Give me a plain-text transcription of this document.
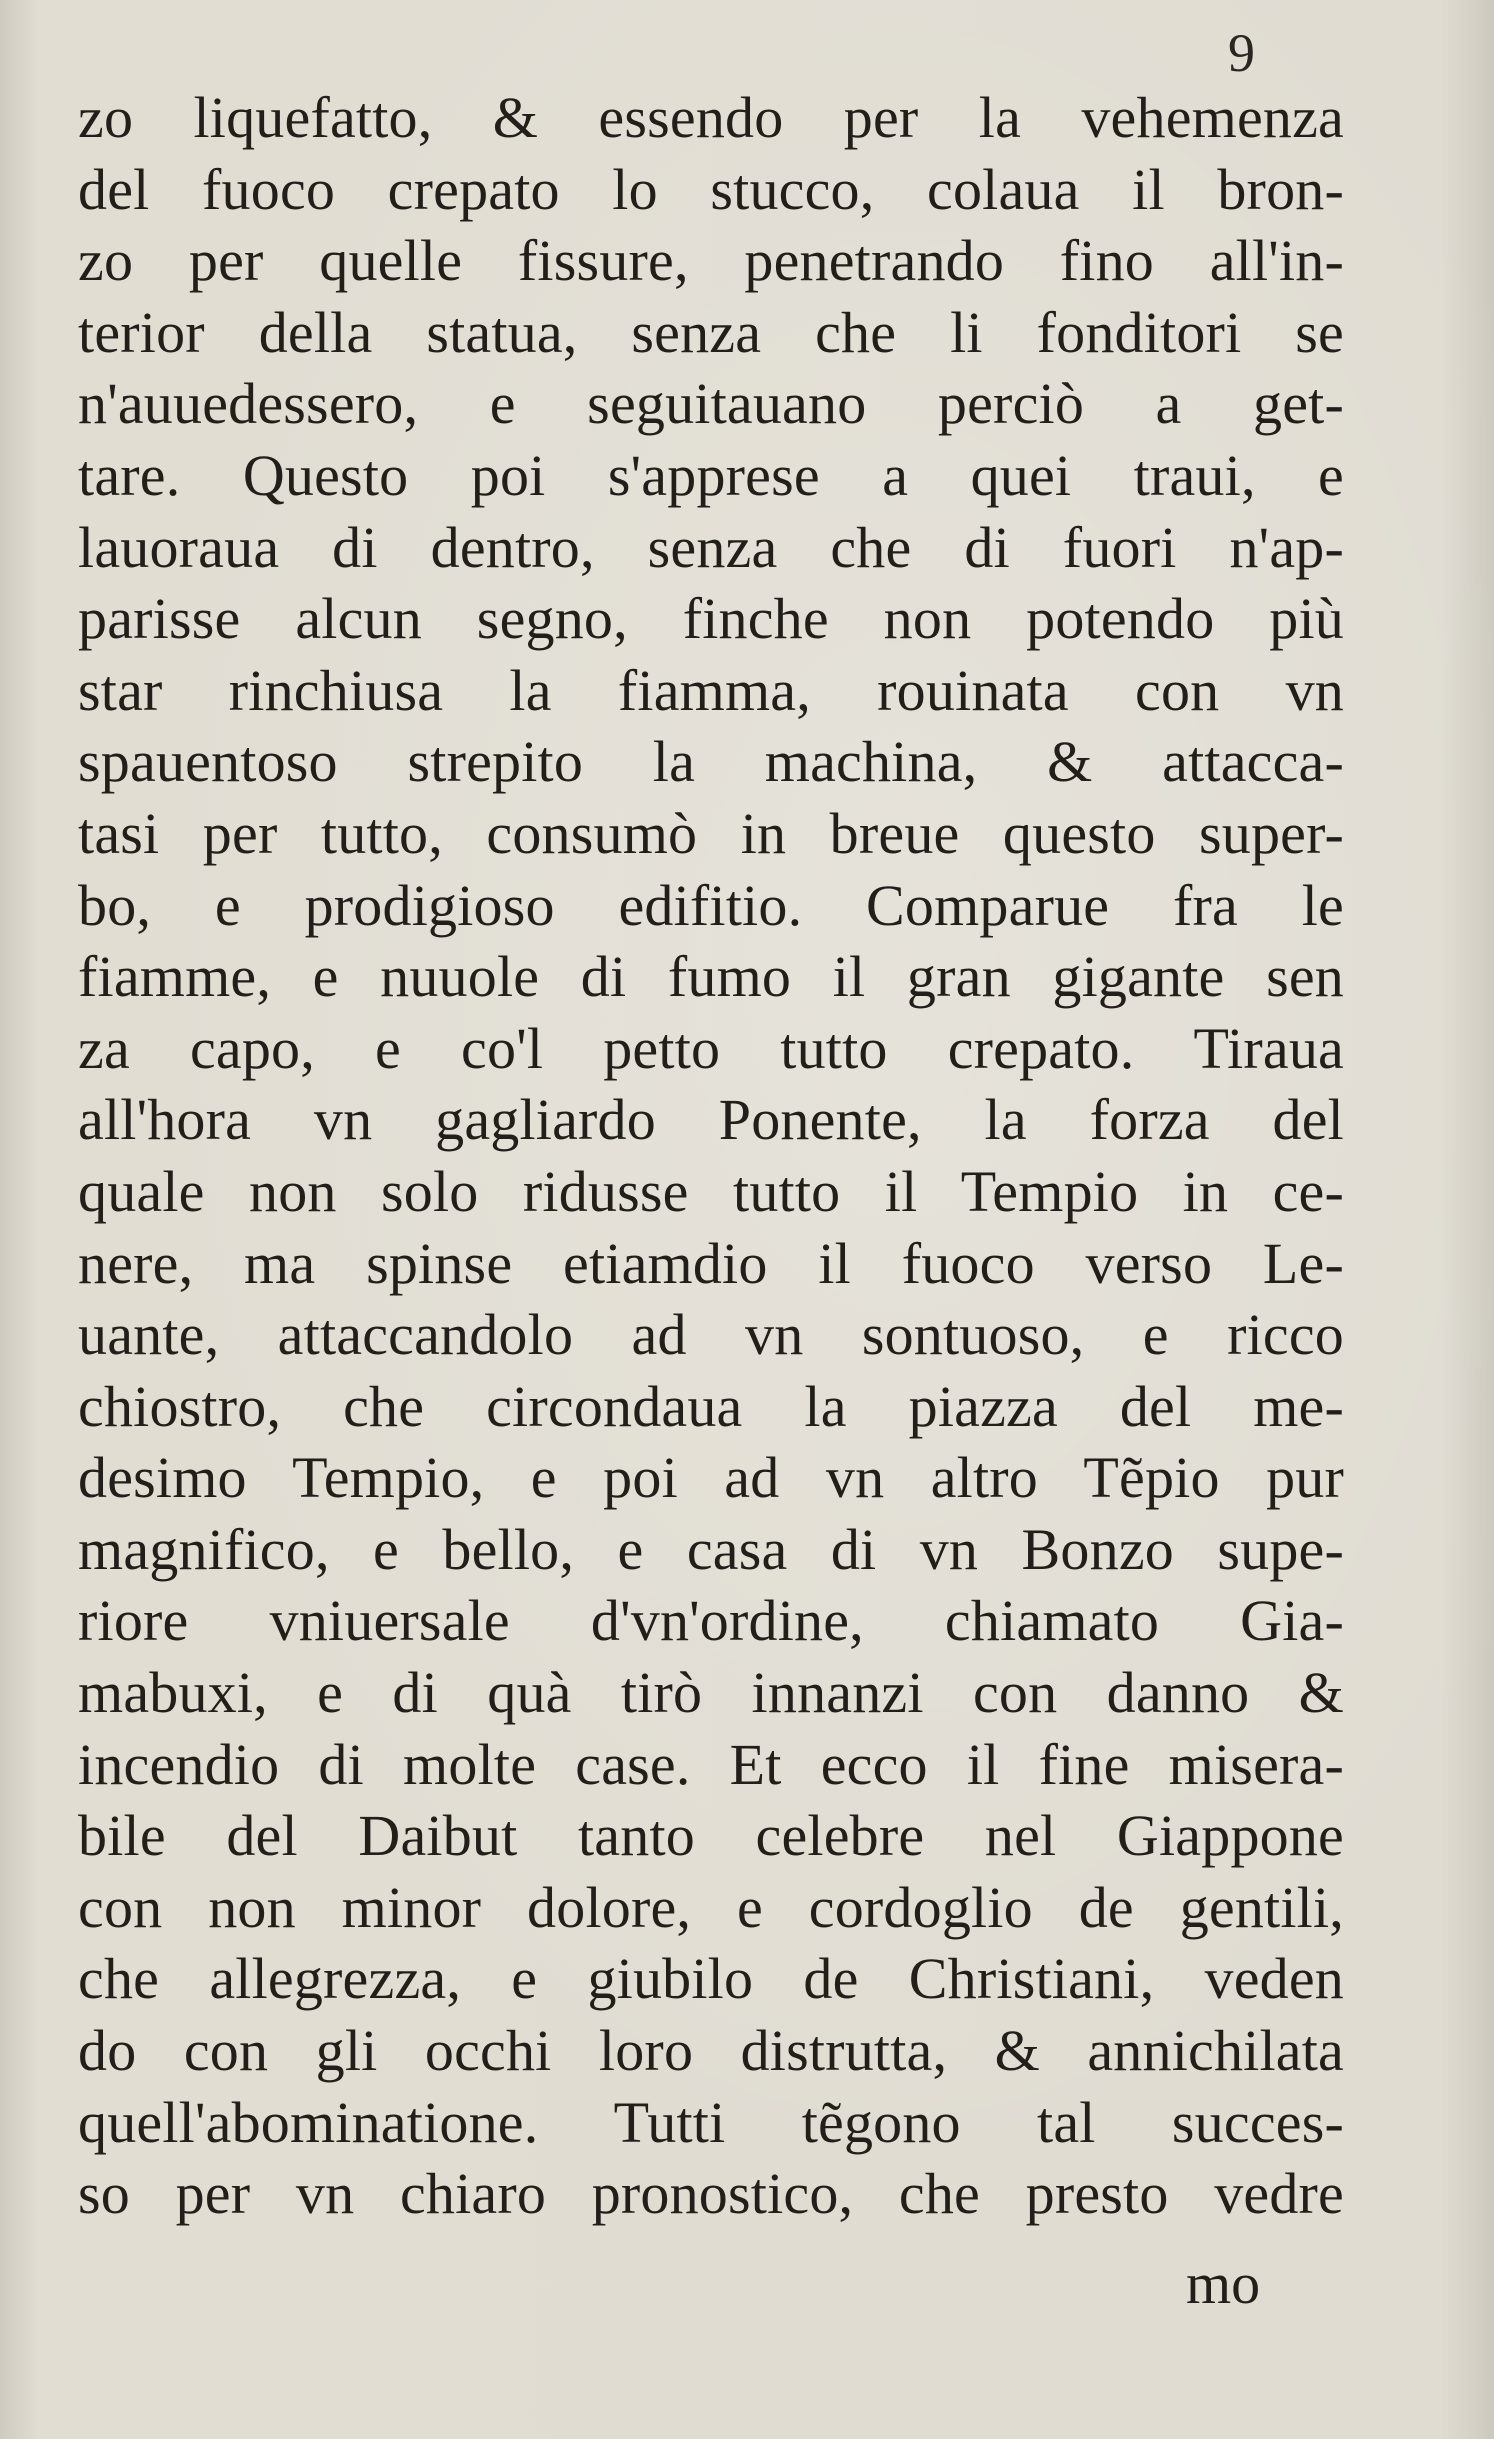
9

zo liquefatto, & essendo per la vehemenza
del fuoco crepato lo stucco, colaua il bron-
zo per quelle fissure, penetrando fino all'in-
terior della statua, senza che li fonditori se
n'auuedessero, e seguitauano perciò a get-
tare. Questo poi s'apprese a quei traui, e
lauoraua di dentro, senza che di fuori n'ap-
parisse alcun segno, finche non potendo più
star rinchiusa la fiamma, rouinata con vn
spauentoso strepito la machina, & attacca-
tasi per tutto, consumò in breue questo super-
bo, e prodigioso edifitio. Comparue fra le
fiamme, e nuuole di fumo il gran gigante sen
za capo, e co'l petto tutto crepato. Tiraua
all'hora vn gagliardo Ponente, la forza del
quale non solo ridusse tutto il Tempio in ce-
nere, ma spinse etiamdio il fuoco verso Le-
uante, attaccandolo ad vn sontuoso, e ricco
chiostro, che circondaua la piazza del me-
desimo Tempio, e poi ad vn altro Tẽpio pur
magnifico, e bello, e casa di vn Bonzo supe-
riore vniuersale d'vn'ordine, chiamato Gia-
mabuxi, e di quà tirò innanzi con danno &
incendio di molte case. Et ecco il fine misera-
bile del Daibut tanto celebre nel Giappone
con non minor dolore, e cordoglio de gentili,
che allegrezza, e giubilo de Christiani, veden
do con gli occhi loro distrutta, & annichilata
quell'abominatione. Tutti tẽgono tal succes-
so per vn chiaro pronostico, che presto vedre

mo
